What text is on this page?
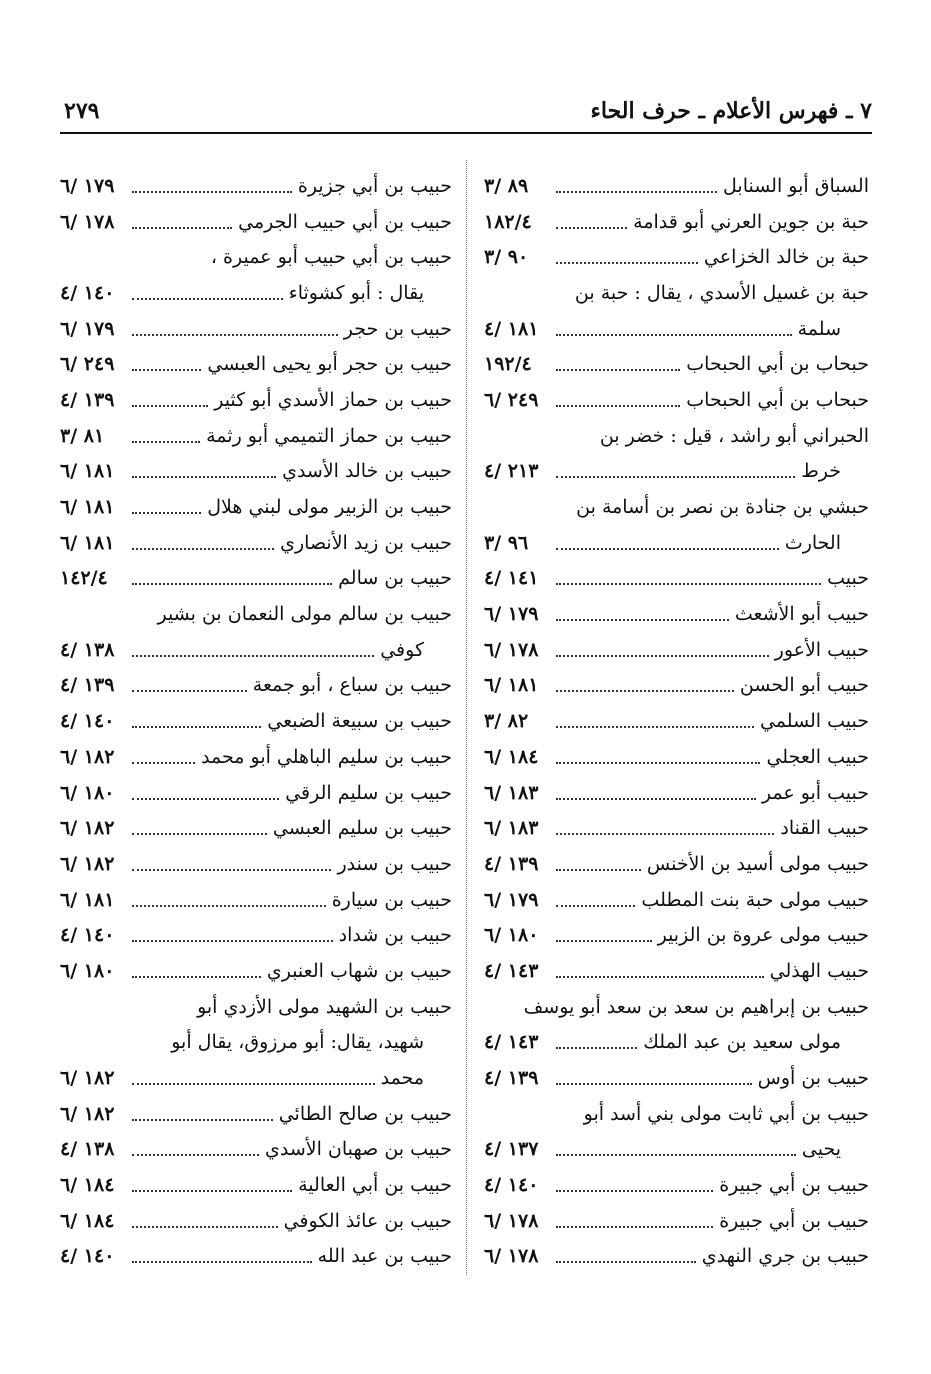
٧ ـ فهرس الأعلام ـ حرف الحاء
٢٧٩
السباق أبو السنابل
٨٩ /٣
حبة بن جوين العرني أبو قدامة
١٨٢/٤
حبة بن خالد الخزاعي
٩٠ /٣
حبة بن غسيل الأسدي ، يقال : حبة بن
سلمة
١٨١ /٤
حبحاب بن أبي الحبحاب
١٩٢/٤
حبحاب بن أبي الحبحاب
٢٤٩ /٦
الحبراني أبو راشد ، قيل : خضر بن
خرط
٢١٣ /٤
حبشي بن جنادة بن نصر بن أسامة بن
الحارث
٩٦ /٣
حبيب
١٤١ /٤
حبيب أبو الأشعث
١٧٩ /٦
حبيب الأعور
١٧٨ /٦
حبيب أبو الحسن
١٨١ /٦
حبيب السلمي
٨٢ /٣
حبيب العجلي
١٨٤ /٦
حبيب أبو عمر
١٨٣ /٦
حبيب القناد
١٨٣ /٦
حبيب مولى أسيد بن الأخنس
١٣٩ /٤
حبيب مولى حبة بنت المطلب
١٧٩ /٦
حبيب مولى عروة بن الزبير
١٨٠ /٦
حبيب الهذلي
١٤٣ /٤
حبيب بن إبراهيم بن سعد بن سعد أبو يوسف
مولى سعيد بن عبد الملك
١٤٣ /٤
حبيب بن أوس
١٣٩ /٤
حبيب بن أبي ثابت مولى بني أسد أبو
يحيى
١٣٧ /٤
حبيب بن أبي جبيرة
١٤٠ /٤
حبيب بن أبي جبيرة
١٧٨ /٦
حبيب بن جري النهدي
١٧٨ /٦
حبيب بن أبي جزيرة
١٧٩ /٦
حبيب بن أبي حبيب الجرمي
١٧٨ /٦
حبيب بن أبي حبيب أبو عميرة ،
يقال : أبو كشوثاء
١٤٠ /٤
حبيب بن حجر
١٧٩ /٦
حبيب بن حجر أبو يحيى العبسي
٢٤٩ /٦
حبيب بن حماز الأسدي أبو كثير
١٣٩ /٤
حبيب بن حماز التميمي أبو رثمة
٨١ /٣
حبيب بن خالد الأسدي
١٨١ /٦
حبيب بن الزبير مولى لبني هلال
١٨١ /٦
حبيب بن زيد الأنصاري
١٨١ /٦
حبيب بن سالم
١٤٢/٤
حبيب بن سالم مولى النعمان بن بشير
كوفي
١٣٨ /٤
حبيب بن سباع ، أبو جمعة
١٣٩ /٤
حبيب بن سبيعة الضبعي
١٤٠ /٤
حبيب بن سليم الباهلي أبو محمد
١٨٢ /٦
حبيب بن سليم الرقي
١٨٠ /٦
حبيب بن سليم العبسي
١٨٢ /٦
حبيب بن سندر
١٨٢ /٦
حبيب بن سيارة
١٨١ /٦
حبيب بن شداد
١٤٠ /٤
حبيب بن شهاب العنبري
١٨٠ /٦
حبيب بن الشهيد مولى الأزدي أبو
شهيد، يقال: أبو مرزوق، يقال أبو
محمد
١٨٢ /٦
حبيب بن صالح الطائي
١٨٢ /٦
حبيب بن صهبان الأسدي
١٣٨ /٤
حبيب بن أبي العالية
١٨٤ /٦
حبيب بن عائذ الكوفي
١٨٤ /٦
حبيب بن عبد الله
١٤٠ /٤
